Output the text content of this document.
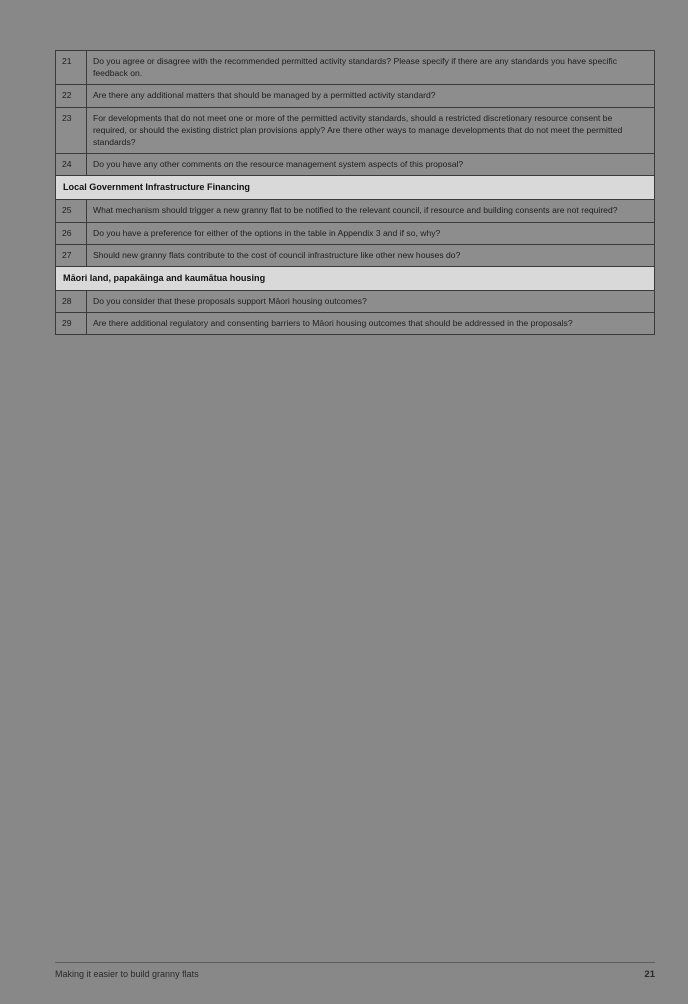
21	Do you agree or disagree with the recommended permitted activity standards? Please specify if there are any standards you have specific feedback on.
22	Are there any additional matters that should be managed by a permitted activity standard?
23	For developments that do not meet one or more of the permitted activity standards, should a restricted discretionary resource consent be required, or should the existing district plan provisions apply? Are there other ways to manage developments that do not meet the permitted standards?
24	Do you have any other comments on the resource management system aspects of this proposal?
Local Government Infrastructure Financing	
25	What mechanism should trigger a new granny flat to be notified to the relevant council, if resource and building consents are not required?
26	Do you have a preference for either of the options in the table in Appendix 3 and if so, why?
27	Should new granny flats contribute to the cost of council infrastructure like other new houses do?
Māori land, papakāinga and kaumātua housing	
28	Do you consider that these proposals support Māori housing outcomes?
29	Are there additional regulatory and consenting barriers to Māori housing outcomes that should be addressed in the proposals?
Making it easier to build granny flats	21
